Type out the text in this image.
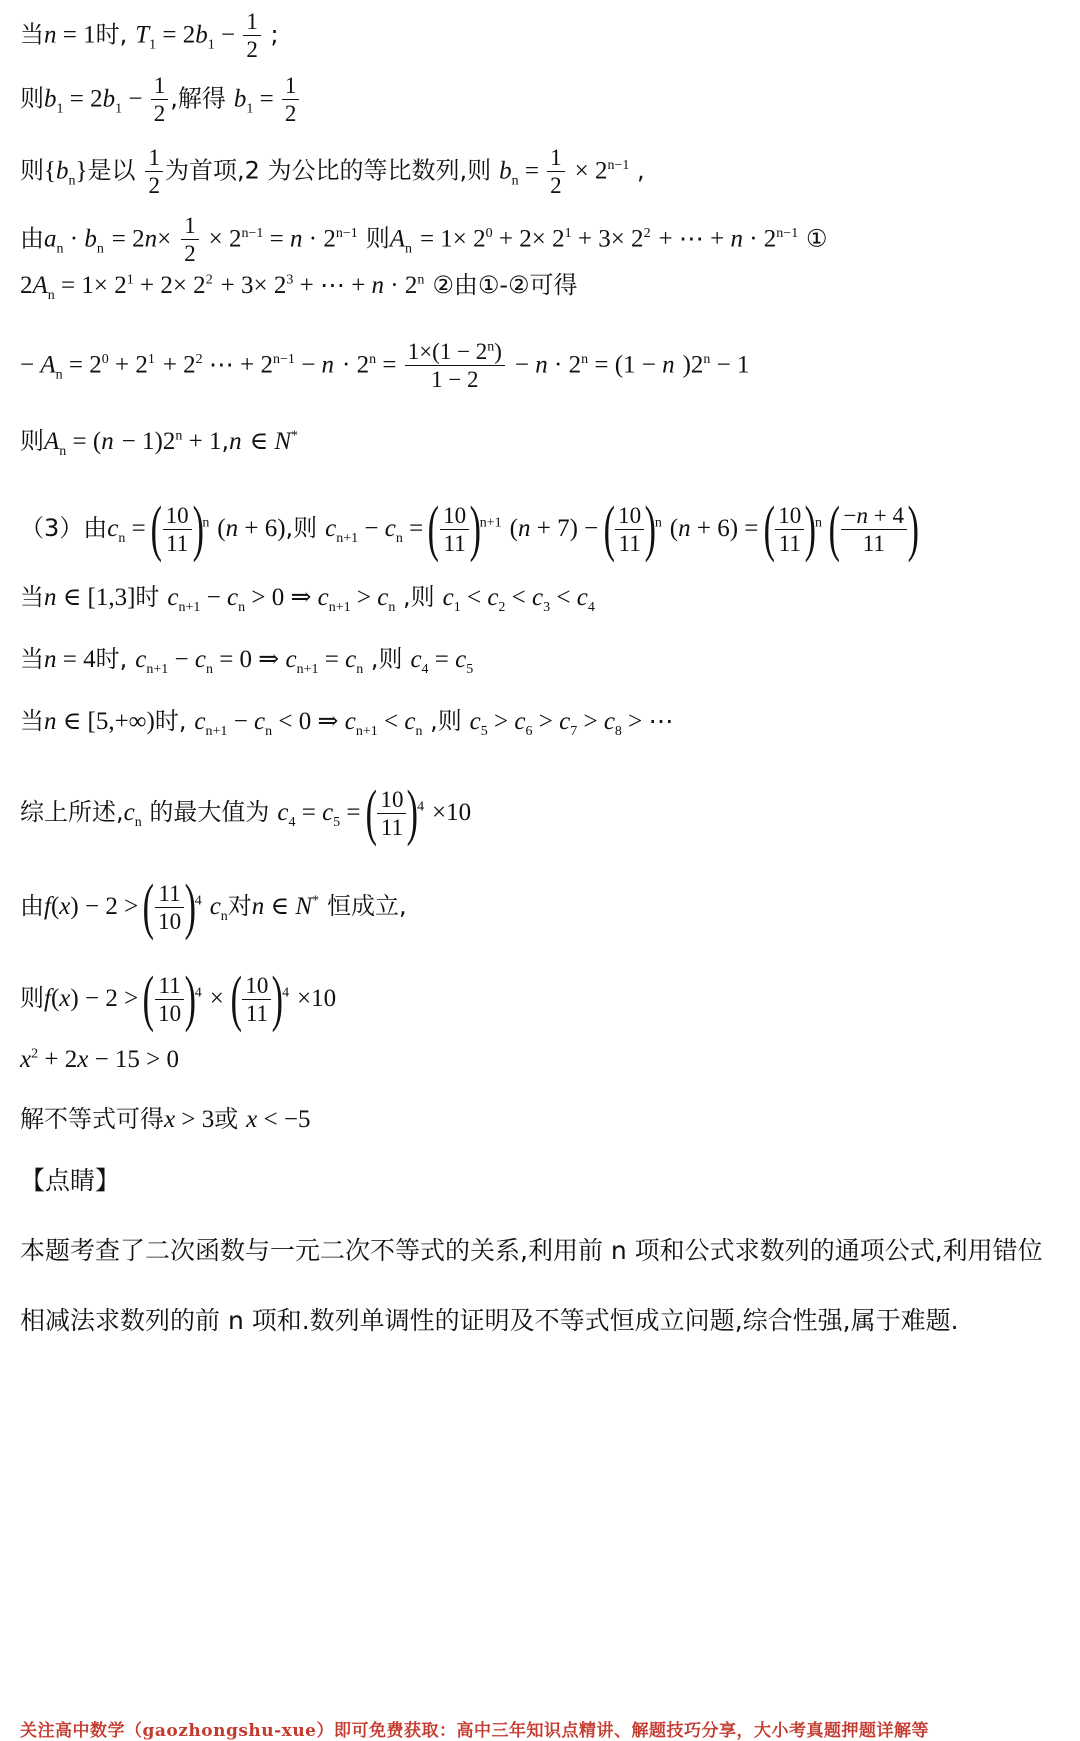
当n = 1时, $T_1 = 2b_1 - \frac{1}{2}$ ;
则$b_1 = 2b_1 - \frac{1}{2}$ ,解得 $b_1 = \frac{1}{2}$
则$\{b_n\}$是以 $\frac{1}{2}$ 为首项,2 为公比的等比数列,则 $b_n = \frac{1}{2} \times 2^{n-1}$ ,
由$a_n \cdot b_n = 2n\times \frac{1}{2} \times 2^{n-1} = n \cdot 2^{n-1}$ 则$A_n = 1\times 2^0 + 2\times 2^1 + 3\times 2^2$ + ⋯ + $n \cdot 2^{n-1}$ ①
$2A_n = 1\times 2^1 + 2\times 2^2 + 3\times 2^3$ + ⋯ + $n \cdot 2^n$ ②由①-②可得
− $A_n = 2^0 + 2^1 + 2^2$ ⋯ + $2^{n-1} - n \cdot 2^n = \frac{1\times(1 - 2^n)}{1 - 2} - n \cdot 2^n = (1 - n$ )$2^n - 1$
则$A_n = (n - 1)2^n + 1,n$ ∈ N*
（3）由$c_n$ = ( $\frac{10}{11} )^n$ (n + 6),则 $c_{n+1} - c_n$ = ( $\frac{10}{11} )^{n+1}$ (n + 7) − ( $\frac{10}{11} )^n$ (n + 6) = ( $\frac{10}{11} )^n$ ( $\frac{-n + 4}{11}$ )
当n ∈ [1,3]时 $c_{n+1} - c_n > 0$ ⇒ $c_{n+1} > c_n$ ,则 $c_1 < c_2 < c_3 < c_4$
当n = 4时, $c_{n+1} - c_n = 0$ ⇒ $c_{n+1} = c_n$ ,则 $c_4 = c_5$
当n ∈ [5,+∞)时, $c_{n+1} - c_n < 0$ ⇒ $c_{n+1} < c_n$ ,则 $c_5 > c_6 > c_7 > c_8$ > ⋯
综上所述$,c_n$ 的最大值为 $c_4 = c_5$ = ( $\frac{10}{11} )^4 \times 10$
由f(x) − 2 > ( $\frac{11}{10} )^4$ $c_n$对n ∈ N* 恒成立,
则f(x) − 2 > ( $\frac{11}{10} )^4$ × ( $\frac{10}{11} )^4 \times 10$
$x^2 + 2x - 15 > 0$
解不等式可得x > 3或 x < −5
【点睛】
本题考查了二次函数与一元二次不等式的关系,利用前 n 项和公式求数列的通项公式,利用错位相减法求数列的前 n 项和.数列单调性的证明及不等式恒成立问题,综合性强,属于难题.
关注高中数学（gaozhongshu-xue）即可免费获取：高中三年知识点精讲、解题技巧分享，大小考真题押题详解等
